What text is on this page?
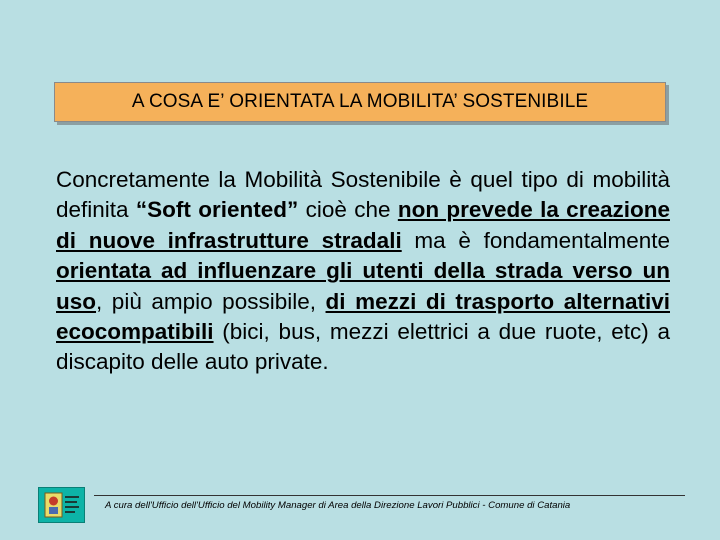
A COSA E’ ORIENTATA LA MOBILITA’ SOSTENIBILE

Concretamente la Mobilità Sostenibile è quel tipo di mobilità definita “Soft oriented” cioè che non prevede la creazione di nuove infrastrutture stradali ma è fondamentalmente orientata ad influenzare gli utenti della strada verso un uso, più ampio possibile, di mezzi di trasporto alternativi ecocompatibili (bici, bus, mezzi elettrici a due ruote, etc) a discapito delle auto private.

A cura dell'Ufficio dell'Ufficio del Mobility Manager di Area della Direzione Lavori Pubblici - Comune di Catania
